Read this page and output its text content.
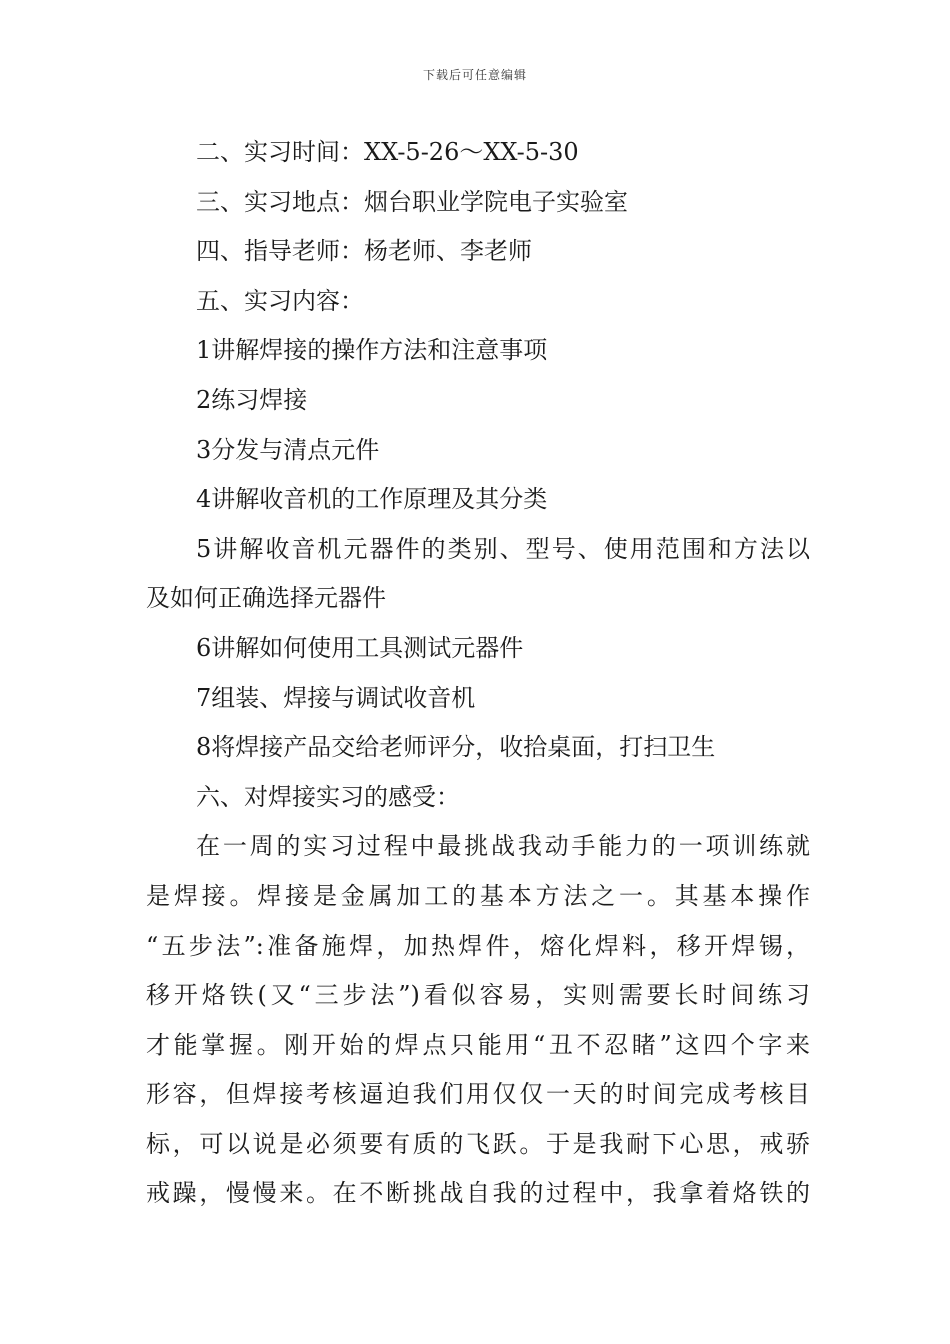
下载后可任意编辑

二、实习时间：XX-5-26～XX-5-30

三、实习地点：烟台职业学院电子实验室

四、指导老师：杨老师、李老师

五、实习内容：

1讲解焊接的操作方法和注意事项

2练习焊接

3分发与清点元件

4讲解收音机的工作原理及其分类

5讲解收音机元器件的类别、型号、使用范围和方法以

及如何正确选择元器件

6讲解如何使用工具测试元器件

7组装、焊接与调试收音机

8将焊接产品交给老师评分，收拾桌面，打扫卫生

六、对焊接实习的感受：

在一周的实习过程中最挑战我动手能力的一项训练就

是焊接。焊接是金属加工的基本方法之一。其基本操作

“五步法”:准备施焊，加热焊件，熔化焊料，移开焊锡，

移开烙铁(又“三步法”)看似容易，实则需要长时间练习

才能掌握。刚开始的焊点只能用“丑不忍睹”这四个字来

形容，但焊接考核逼迫我们用仅仅一天的时间完成考核目

标，可以说是必须要有质的飞跃。于是我耐下心思，戒骄

戒躁，慢慢来。在不断挑战自我的过程中，我拿着烙铁的
